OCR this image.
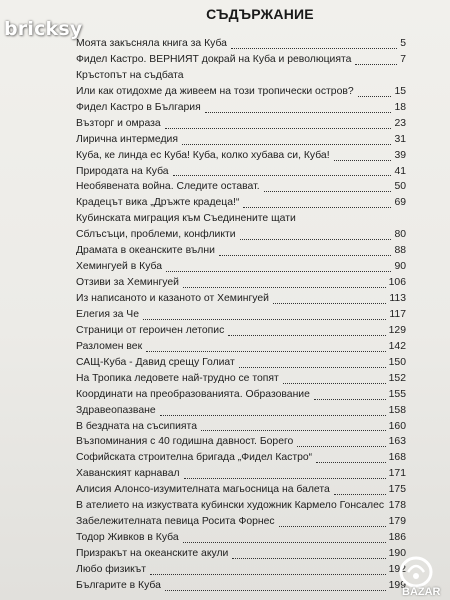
bricksy
СЪДЪРЖАНИЕ
Моята закъсняла книга за Куба	5
Фидел Кастро. ВЕРНИЯТ докрай на Куба и революцията	7
Кръстопът на съдбата
Или как отидохме да живеем на този тропически остров?	15
Фидел Кастро в България	18
Възторг и омраза	23
Лирична интермедия	31
Куба, ке линда ес Куба! Куба, колко хубава си, Куба!	39
Природата на Куба	41
Необявената война. Следите остават.	50
Крадецът вика „Дръжте крадеца!“	69
Кубинската миграция към Съединените щати
Сблъсъци, проблеми, конфликти	80
Драмата в океанските вълни	88
Хемингуей в Куба	90
Отзиви за Хемингуей	106
Из написаното и казаното от Хемингуей	113
Елегия за Че	117
Страници от героичен летопис	129
Разломен век	142
САЩ-Куба - Давид срещу Голиат	150
На Тропика ледовете най-трудно се топят	152
Координати на преобразованията. Образование	155
Здравеопазване	158
В бездната на съсипията	160
Възпоминания с 40 годишна давност. Борего	163
Софийската строителна бригада „Фидел Кастро“	168
Хаванският карнавал	171
Алисия Алонсо-изумителната магьосница на балета	175
В ателието на изкуствата кубински художник Кармело Гонсалес 178
Забележителната певица Росита Форнес	179
Тодор Живков в Куба	186
Призракът на океанските акули	190
Любо физикът	192
Българите в Куба	199
BAZAR
